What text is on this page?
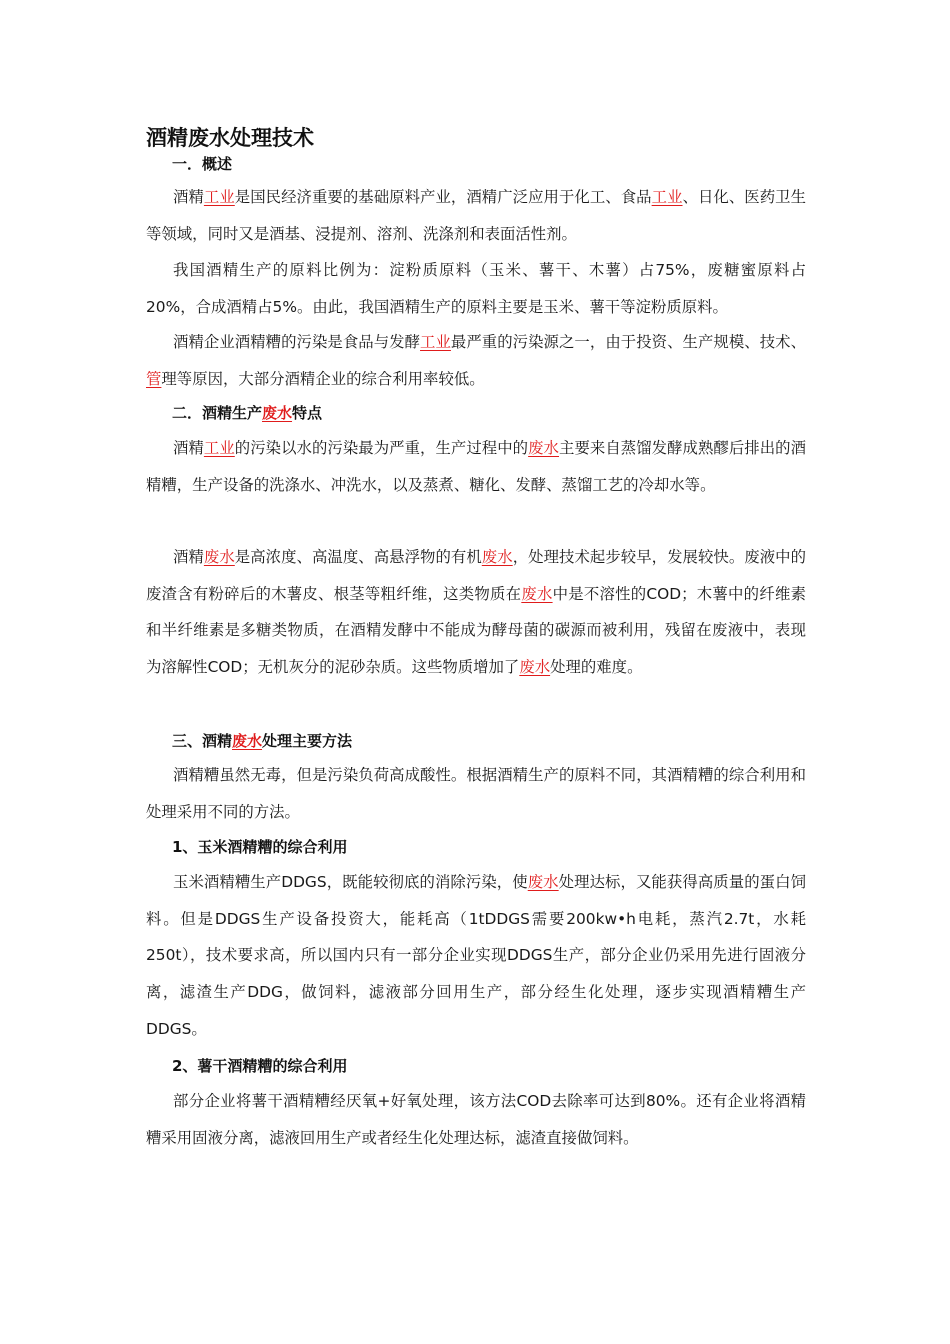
酒精废水处理技术
一．概述
酒精工业是国民经济重要的基础原料产业，酒精广泛应用于化工、食品工业、日化、医药卫生等领域，同时又是酒基、浸提剂、溶剂、洗涤剂和表面活性剂。
我国酒精生产的原料比例为：淀粉质原料（玉米、薯干、木薯）占75%，废糖蜜原料占20%，合成酒精占5%。由此，我国酒精生产的原料主要是玉米、薯干等淀粉质原料。
酒精企业酒精糟的污染是食品与发酵工业最严重的污染源之一，由于投资、生产规模、技术、管理等原因，大部分酒精企业的综合利用率较低。
二．酒精生产废水特点
酒精工业的污染以水的污染最为严重，生产过程中的废水主要来自蒸馏发酵成熟醪后排出的酒精糟，生产设备的洗涤水、冲洗水，以及蒸煮、糖化、发酵、蒸馏工艺的冷却水等。
酒精废水是高浓度、高温度、高悬浮物的有机废水，处理技术起步较早，发展较快。废液中的废渣含有粉碎后的木薯皮、根茎等粗纤维，这类物质在废水中是不溶性的COD；木薯中的纤维素和半纤维素是多糖类物质，在酒精发酵中不能成为酵母菌的碳源而被利用，残留在废液中，表现为溶解性COD；无机灰分的泥砂杂质。这些物质增加了废水处理的难度。
三、酒精废水处理主要方法
酒精糟虽然无毒，但是污染负荷高成酸性。根据酒精生产的原料不同，其酒精糟的综合利用和处理采用不同的方法。
1、玉米酒精糟的综合利用
玉米酒精糟生产DDGS，既能较彻底的消除污染，使废水处理达标，又能获得高质量的蛋白饲料。但是DDGS生产设备投资大，能耗高（1tDDGS需要200kw•h电耗，蒸汽2.7t，水耗250t），技术要求高，所以国内只有一部分企业实现DDGS生产，部分企业仍采用先进行固液分离，滤渣生产DDG，做饲料，滤液部分回用生产，部分经生化处理，逐步实现酒精糟生产DDGS。
2、薯干酒精糟的综合利用
部分企业将薯干酒精糟经厌氧+好氧处理，该方法COD去除率可达到80%。还有企业将酒精糟采用固液分离，滤液回用生产或者经生化处理达标，滤渣直接做饲料。
